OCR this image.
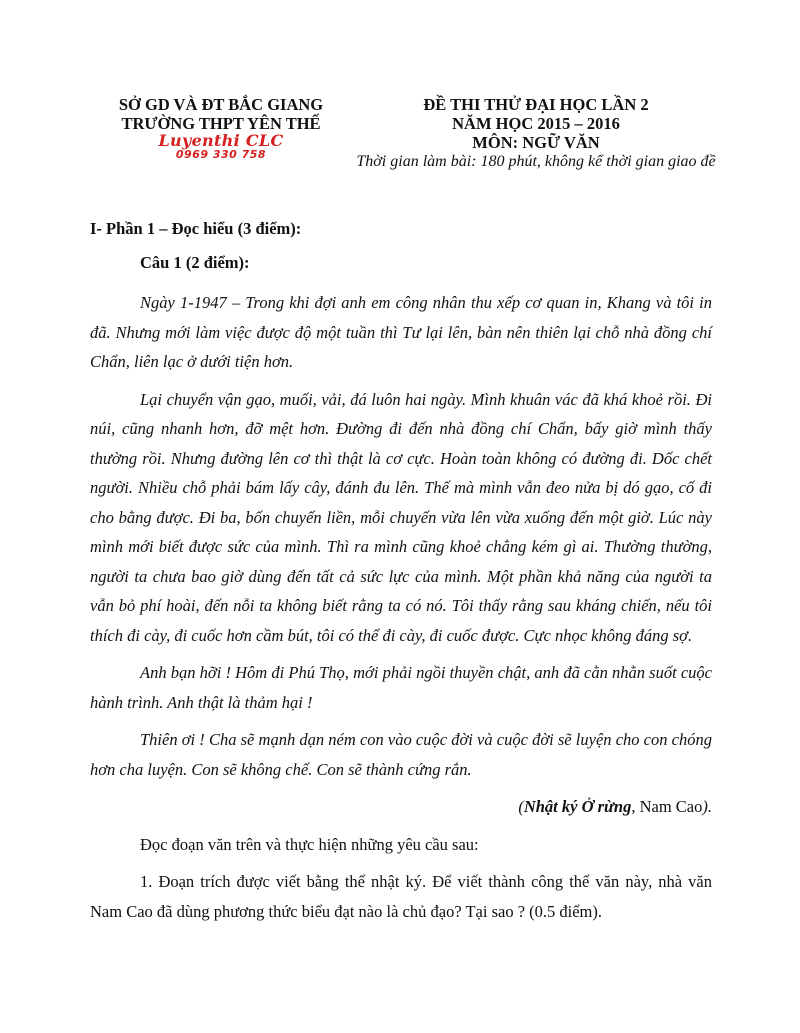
SỞ GD VÀ ĐT BẮC GIANG
TRƯỜNG THPT YÊN THẾ
Luyenthi CLC
0969 330 758
ĐỀ THI THỬ ĐẠI HỌC LẦN 2
NĂM HỌC 2015 – 2016
MÔN: NGỮ VĂN
Thời gian làm bài: 180 phút, không kể thời gian giao đề
I- Phần 1 – Đọc hiểu (3 điểm):
Câu 1 (2 điểm):

Ngày 1-1947 – Trong khi đợi anh em công nhân thu xếp cơ quan in, Khang và tôi in đã. Nhưng mới làm việc được độ một tuần thì Tư lại lên, bàn nên thiên lại chỗ nhà đồng chí Chẩn, liên lạc ở dưới tiện hơn.

Lại chuyển vận gạo, muối, vải, đá luôn hai ngày. Mình khuân vác đã khá khoẻ rồi. Đi núi, cũng nhanh hơn, đỡ mệt hơn. Đường đi đến nhà đồng chí Chẩn, bấy giờ mình thấy thường rồi. Nhưng đường lên cơ thì thật là cơ cực. Hoàn toàn không có đường đi. Dốc chết người. Nhiều chỗ phải bám lấy cây, đánh đu lên. Thế mà mình vẫn đeo nửa bị dó gạo, cố đi cho bằng được. Đi ba, bốn chuyến liền, mỗi chuyến vừa lên vừa xuống đến một giờ. Lúc này mình mới biết được sức của mình. Thì ra mình cũng khoẻ chẳng kém gì ai. Thường thường, người ta chưa bao giờ dùng đến tất cả sức lực của mình. Một phần khả năng của người ta vẫn bỏ phí hoài, đến nỗi ta không biết rằng ta có nó. Tôi thấy rằng sau kháng chiến, nếu tôi thích đi cày, đi cuốc hơn cầm bút, tôi có thể đi cày, đi cuốc được. Cực nhọc không đáng sợ.

Anh bạn hỡi ! Hôm đi Phú Thọ, mới phải ngồi thuyền chật, anh đã cằn nhằn suốt cuộc hành trình. Anh thật là thảm hại !

Thiên ơi ! Cha sẽ mạnh dạn ném con vào cuộc đời và cuộc đời sẽ luyện cho con chóng hơn cha luyện. Con sẽ không chế. Con sẽ thành cứng rắn.

(Nhật ký Ở rừng, Nam Cao).

Đọc đoạn văn trên và thực hiện những yêu cầu sau:

1. Đoạn trích được viết bằng thể nhật ký. Để viết thành công thể văn này, nhà văn Nam Cao đã dùng phương thức biểu đạt nào là chủ đạo? Tại sao ? (0.5 điểm).
